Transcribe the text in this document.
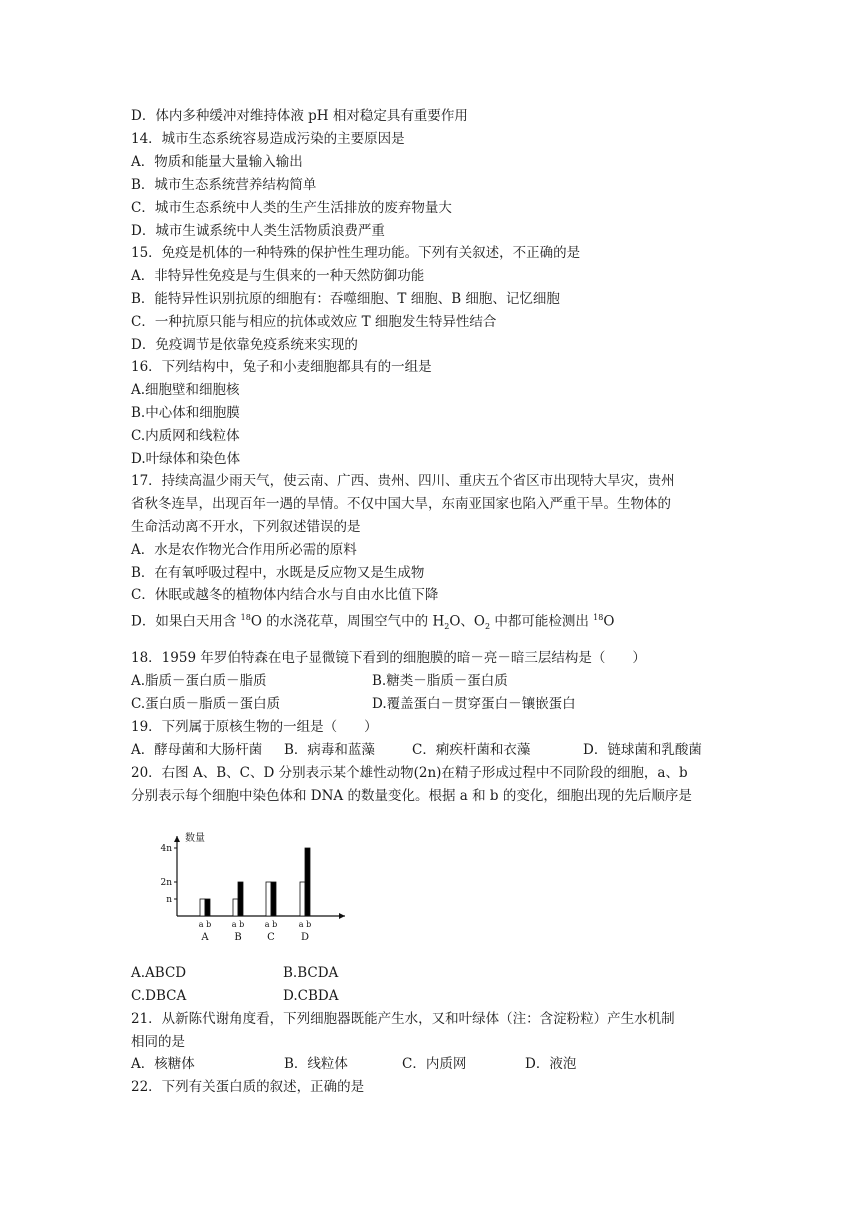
D．体内多种缓冲对维持体液 pH 相对稳定具有重要作用
14．城市生态系统容易造成污染的主要原因是
A．物质和能量大量输入输出
B．城市生态系统营养结构简单
C．城市生态系统中人类的生产生活排放的废弃物量大
D．城市生诚系统中人类生活物质浪费严重
15．免疫是机体的一种特殊的保护性生理功能。下列有关叙述，不正确的是
A．非特异性免疫是与生俱来的一种天然防御功能
B．能特异性识别抗原的细胞有：吞噬细胞、T 细胞、B 细胞、记忆细胞
C．一种抗原只能与相应的抗体或效应 T 细胞发生特异性结合
D．免疫调节是依靠免疫系统来实现的
16．下列结构中，兔子和小麦细胞都具有的一组是
A.细胞壁和细胞核
B.中心体和细胞膜
C.内质网和线粒体
D.叶绿体和染色体
17．持续高温少雨天气，使云南、广西、贵州、四川、重庆五个省区市出现特大旱灾，贵州
省秋冬连旱，出现百年一遇的旱情。不仅中国大旱，东南亚国家也陷入严重干旱。生物体的
生命活动离不开水，下列叙述错误的是
A．水是农作物光合作用所必需的原料
B．在有氧呼吸过程中，水既是反应物又是生成物
C．休眠或越冬的植物体内结合水与自由水比值下降
D．如果白天用含 $^{18}$O 的水浇花草，周围空气中的 $H_2O$、$O_2$ 中都可能检测出 $^{18}$O
18．1959 年罗伯特森在电子显微镜下看到的细胞膜的暗－亮－暗三层结构是（　　）
A.脂质－蛋白质－脂质	B.糖类－脂质－蛋白质
C.蛋白质－脂质－蛋白质	D.覆盖蛋白－贯穿蛋白－镶嵌蛋白
19．下列属于原核生物的一组是（　　）
A．酵母菌和大肠杆菌 B．病毒和蓝藻	C．痢疾杆菌和衣藻	D．链球菌和乳酸菌
20．右图 A、B、C、D 分别表示某个雄性动物(2n)在精子形成过程中不同阶段的细胞，a、b
分别表示每个细胞中染色体和 DNA 的数量变化。根据 a 和 b 的变化，细胞出现的先后顺序是
数量
4n
2n
n
a b
A
a b
B
a b
C
a b
D
A.ABCD	B.BCDA
C.DBCA	D.CBDA
21．从新陈代谢角度看，下列细胞器既能产生水，又和叶绿体（注：含淀粉粒）产生水机制
相同的是
A．核糖体	B．线粒体	C．内质网	D．液泡
22．下列有关蛋白质的叙述，正确的是
